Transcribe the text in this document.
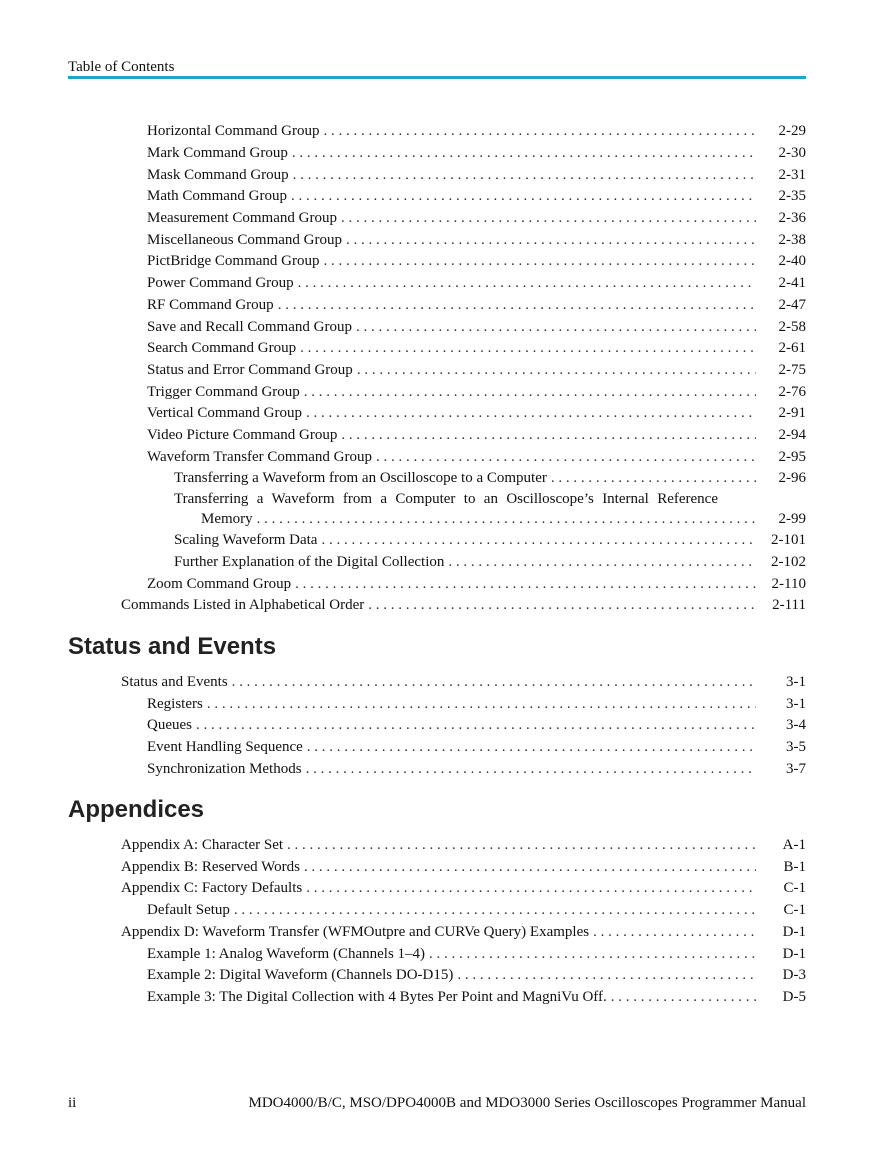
Table of Contents
Horizontal Command Group . . .	2-29
Mark Command Group . . .	2-30
Mask Command Group . . .	2-31
Math Command Group . . .	2-35
Measurement Command Group . . .	2-36
Miscellaneous Command Group . . .	2-38
PictBridge Command Group . . .	2-40
Power Command Group . . .	2-41
RF Command Group . . .	2-47
Save and Recall Command Group . . .	2-58
Search Command Group . . .	2-61
Status and Error Command Group . . .	2-75
Trigger Command Group . . .	2-76
Vertical Command Group . . .	2-91
Video Picture Command Group . . .	2-94
Waveform Transfer Command Group . . .	2-95
Transferring a Waveform from an Oscilloscope to a Computer . . .	2-96
Transferring a Waveform from a Computer to an Oscilloscope’s Internal Reference
Memory . . .	2-99
Scaling Waveform Data . . .	2-101
Further Explanation of the Digital Collection . . .	2-102
Zoom Command Group . . .	2-110
Commands Listed in Alphabetical Order . . .	2-111
Status and Events
Status and Events . . .	3-1
Registers . . .	3-1
Queues . . .	3-4
Event Handling Sequence . . .	3-5
Synchronization Methods . . .	3-7
Appendices
Appendix A: Character Set . . .	A-1
Appendix B: Reserved Words . . .	B-1
Appendix C: Factory Defaults . . .	C-1
Default Setup . . .	C-1
Appendix D: Waveform Transfer (WFMOutpre and CURVe Query) Examples . . .	D-1
Example 1: Analog Waveform (Channels 1–4) . . .	D-1
Example 2: Digital Waveform (Channels DO-D15) . . .	D-3
Example 3: The Digital Collection with 4 Bytes Per Point and MagniVu Off. . . .	D-5
ii	MDO4000/B/C, MSO/DPO4000B and MDO3000 Series Oscilloscopes Programmer Manual
